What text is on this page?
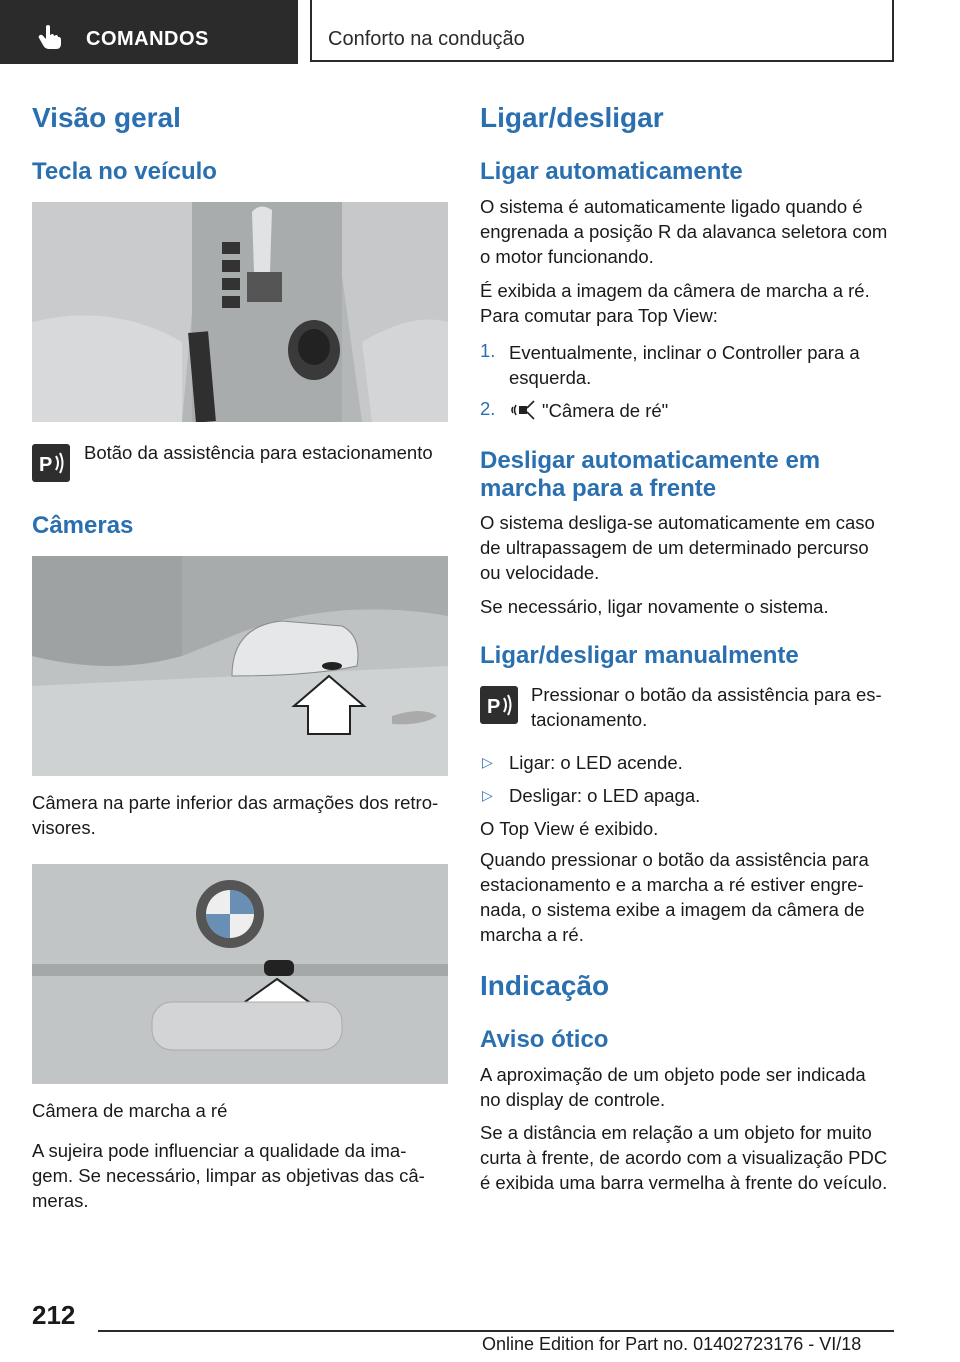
COMANDOS	Conforto na condução
Visão geral
Tecla no veículo
P

Botão da assistência para estacionamento

Câmeras

Câmera na parte inferior das armações dos retro-visores.

Câmera de marcha a ré

A sujeira pode influenciar a qualidade da ima-

gem. Se necessário, limpar as objetivas das câ-

meras.

Ligar/desligar
Ligar automaticamente

O sistema é automaticamente ligado quando é

engrenada a posição R da alavanca seletora com

o motor funcionando.

É exibida a imagem da câmera de marcha a ré.

Para comutar para Top View:

1. Eventualmente, inclinar o Controller para a

esquerda.

2.	"Câmera de ré"

Desligar automaticamente em
marcha para a frente

O sistema desliga-se automaticamente em caso

de ultrapassagem de um determinado percurso

ou velocidade.

Se necessário, ligar novamente o sistema.

Ligar/desligar manualmente
P

Pressionar o botão da assistência para es-

tacionamento.

▷ Ligar: o LED acende.

▷ Desligar: o LED apaga.

O Top View é exibido.

Quando pressionar o botão da assistência para

estacionamento e a marcha a ré estiver engre-

nada, o sistema exibe a imagem da câmera de

marcha a ré.

Indicação
Aviso ótico

A aproximação de um objeto pode ser indicada

no display de controle.

Se a distância em relação a um objeto for muito

curta à frente, de acordo com a visualização PDC

é exibida uma barra vermelha à frente do veículo.

212
Online Edition for Part no. 01402723176 - VI/18
